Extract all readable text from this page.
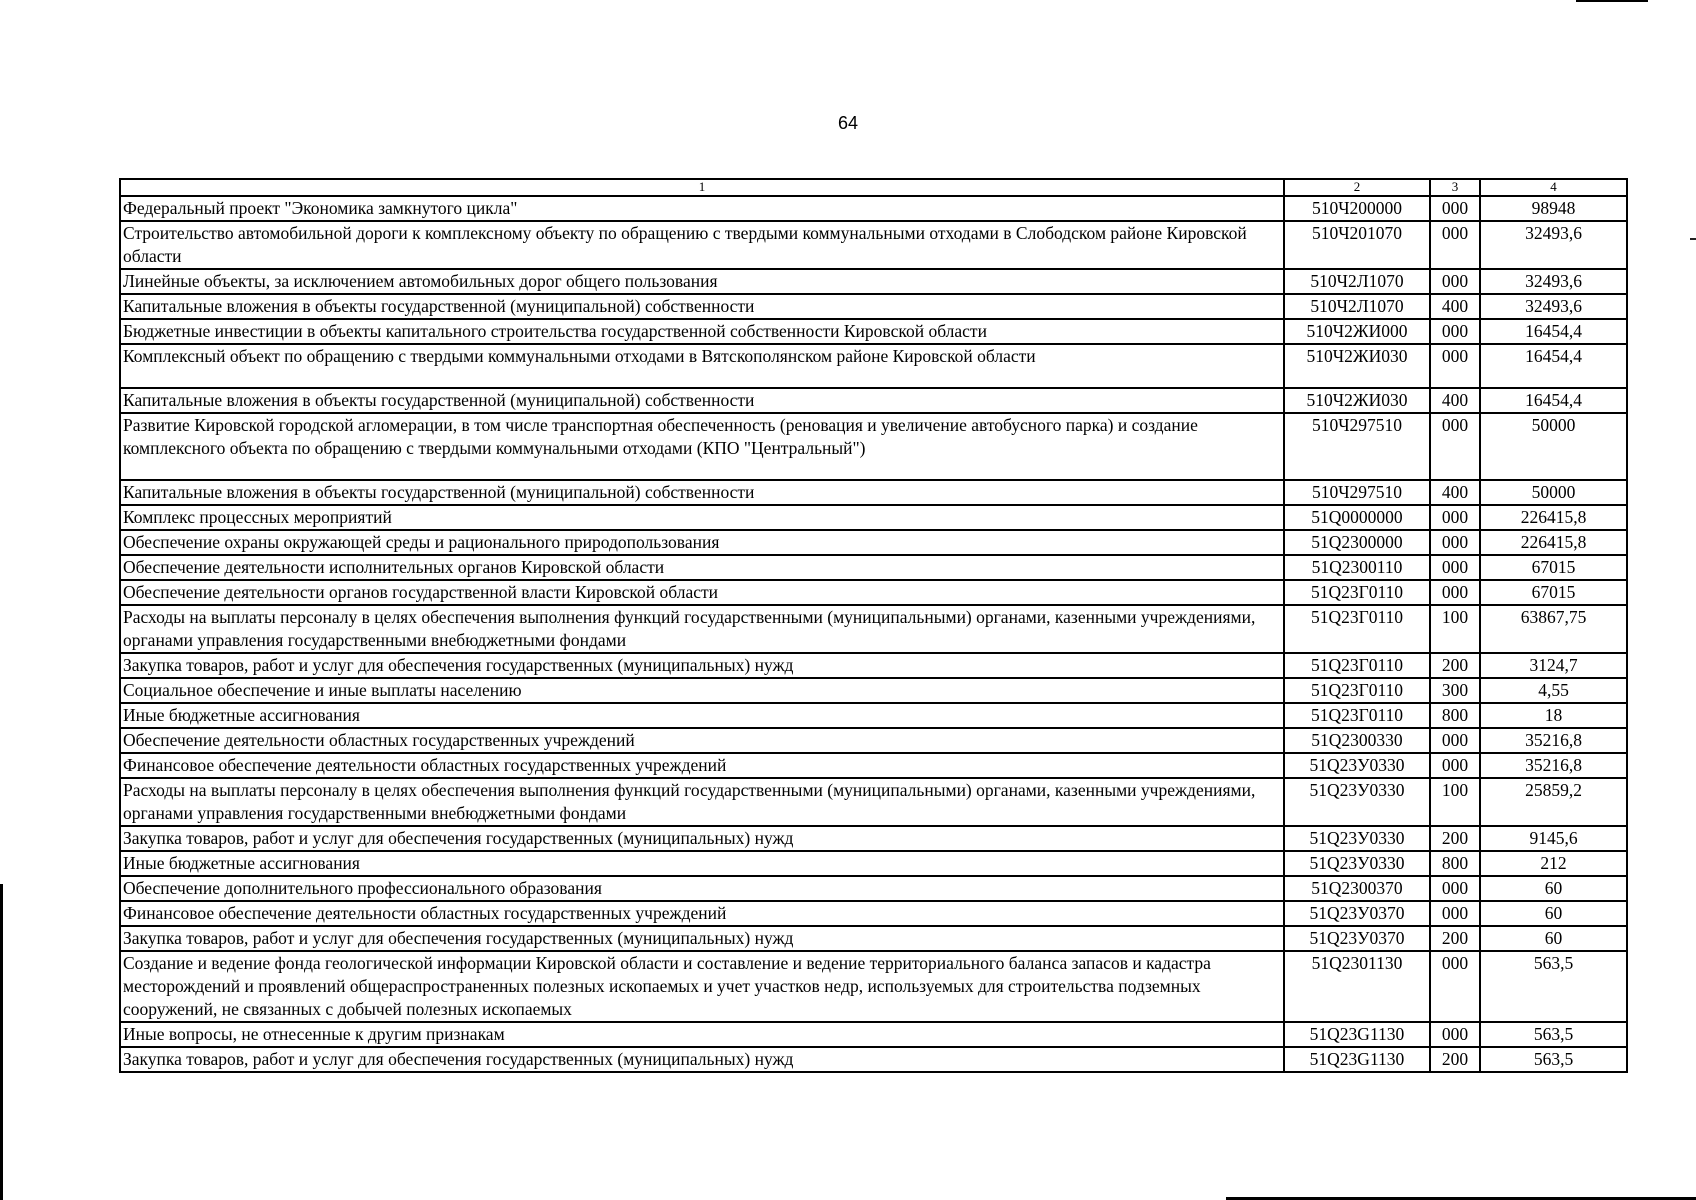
64
1	2	3	4
Федеральный проект "Экономика замкнутого цикла"	510Ч200000	000	98948
Строительство автомобильной дороги к комплексному объекту по обращению с твердыми коммунальными отходами в Слободском районе Кировской области	510Ч201070	000	32493,6
Линейные объекты, за исключением автомобильных дорог общего пользования	510Ч2Л1070	000	32493,6
Капитальные вложения в объекты государственной (муниципальной) собственности	510Ч2Л1070	400	32493,6
Бюджетные инвестиции в объекты капитального строительства государственной собственности Кировской области	510Ч2ЖИ000	000	16454,4
Комплексный объект по обращению с твердыми коммунальными отходами в Вятскополянском районе Кировской области	510Ч2ЖИ030	000	16454,4
Капитальные вложения в объекты государственной (муниципальной) собственности	510Ч2ЖИ030	400	16454,4
Развитие Кировской городской агломерации, в том числе транспортная обеспеченность (реновация и увеличение автобусного парка) и создание комплексного объекта по обращению с твердыми коммунальными отходами (КПО "Центральный")	510Ч297510	000	50000
Капитальные вложения в объекты государственной (муниципальной) собственности	510Ч297510	400	50000
Комплекс процессных мероприятий	51Q0000000	000	226415,8
Обеспечение охраны окружающей среды и рационального природопользования	51Q2300000	000	226415,8
Обеспечение деятельности исполнительных органов Кировской области	51Q2300110	000	67015
Обеспечение деятельности органов государственной власти Кировской области	51Q23Г0110	000	67015
Расходы на выплаты персоналу в целях обеспечения выполнения функций государственными (муниципальными) органами, казенными учреждениями, органами управления государственными внебюджетными фондами	51Q23Г0110	100	63867,75
Закупка товаров, работ и услуг для обеспечения государственных (муниципальных) нужд	51Q23Г0110	200	3124,7
Социальное обеспечение и иные выплаты населению	51Q23Г0110	300	4,55
Иные бюджетные ассигнования	51Q23Г0110	800	18
Обеспечение деятельности областных государственных учреждений	51Q2300330	000	35216,8
Финансовое обеспечение деятельности областных государственных учреждений	51Q23У0330	000	35216,8
Расходы на выплаты персоналу в целях обеспечения выполнения функций государственными (муниципальными) органами, казенными учреждениями, органами управления государственными внебюджетными фондами	51Q23У0330	100	25859,2
Закупка товаров, работ и услуг для обеспечения государственных (муниципальных) нужд	51Q23У0330	200	9145,6
Иные бюджетные ассигнования	51Q23У0330	800	212
Обеспечение дополнительного профессионального образования	51Q2300370	000	60
Финансовое обеспечение деятельности областных государственных учреждений	51Q23У0370	000	60
Закупка товаров, работ и услуг для обеспечения государственных (муниципальных) нужд	51Q23У0370	200	60
Создание и ведение фонда геологической информации Кировской области и составление и ведение территориального баланса запасов и кадастра месторождений и проявлений общераспространенных полезных ископаемых и учет участков недр, используемых для строительства подземных сооружений, не связанных с добычей полезных ископаемых	51Q2301130	000	563,5
Иные вопросы, не отнесенные к другим признакам	51Q23G1130	000	563,5
Закупка товаров, работ и услуг для обеспечения государственных (муниципальных) нужд	51Q23G1130	200	563,5
